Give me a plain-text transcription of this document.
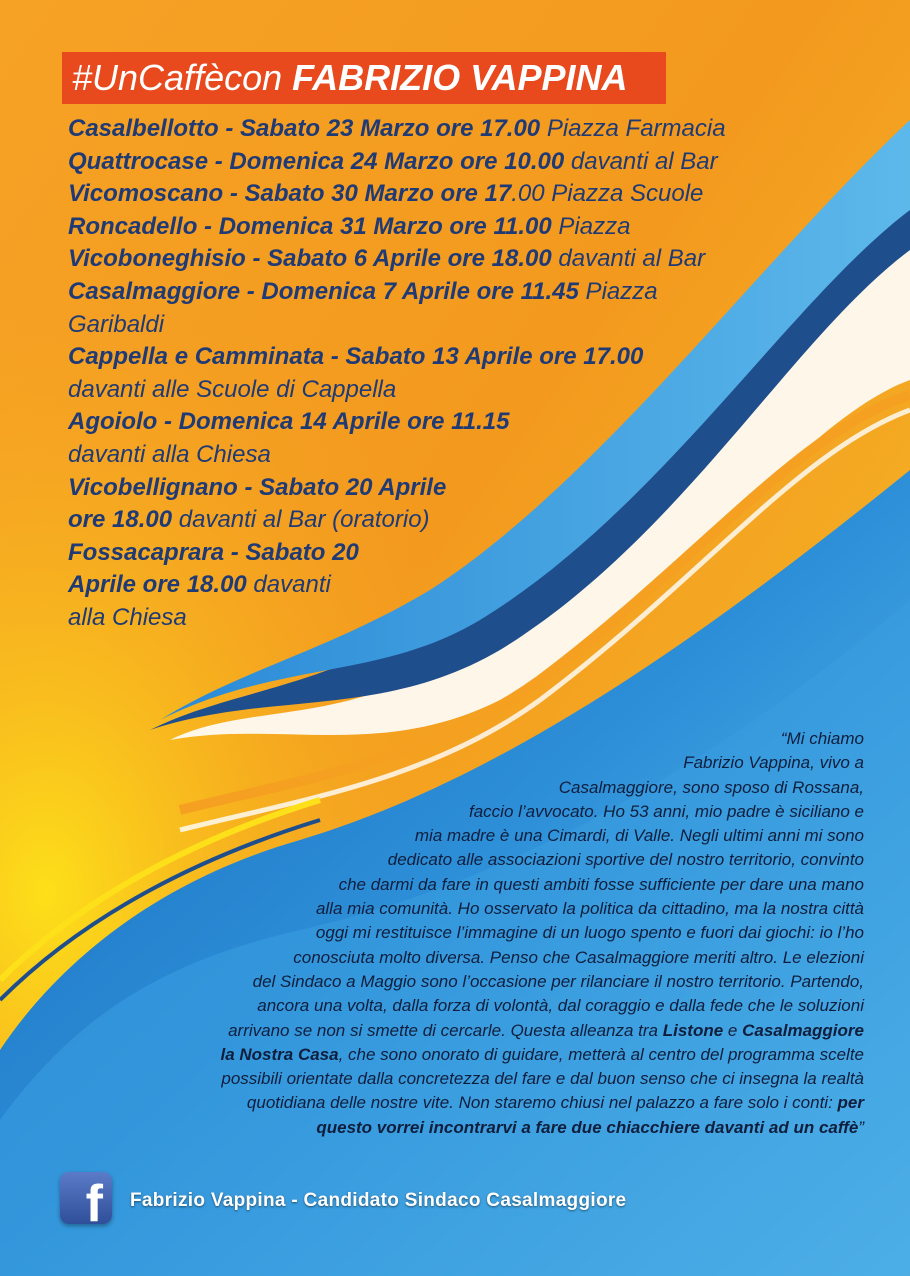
#UnCaffècon FABRIZIO VAPPINA
Casalbellotto - Sabato 23 Marzo ore 17.00 Piazza Farmacia
Quattrocase - Domenica 24 Marzo ore 10.00 davanti al Bar
Vicomoscano - Sabato 30 Marzo ore 17.00 Piazza Scuole
Roncadello - Domenica 31 Marzo ore 11.00 Piazza
Vicoboneghisio - Sabato 6 Aprile ore 18.00 davanti al Bar
Casalmaggiore - Domenica 7 Aprile ore 11.45 Piazza
Garibaldi
Cappella e Camminata - Sabato 13 Aprile ore 17.00
davanti alle Scuole di Cappella
Agoiolo - Domenica 14 Aprile ore 11.15
davanti alla Chiesa
Vicobellignano - Sabato 20 Aprile
ore 18.00 davanti al Bar (oratorio)
Fossacaprara - Sabato 20
Aprile ore 18.00 davanti
alla Chiesa
“Mi chiamo
Fabrizio Vappina, vivo a
Casalmaggiore, sono sposo di Rossana,
faccio l’avvocato. Ho 53 anni, mio padre è siciliano e
mia madre è una Cimardi, di Valle. Negli ultimi anni mi sono
dedicato alle associazioni sportive del nostro territorio, convinto
che darmi da fare in questi ambiti fosse sufficiente per dare una mano
alla mia comunità. Ho osservato la politica da cittadino, ma la nostra città
oggi mi restituisce l’immagine di un luogo spento e fuori dai giochi: io l’ho
conosciuta molto diversa. Penso che Casalmaggiore meriti altro. Le elezioni
del Sindaco a Maggio sono l’occasione per rilanciare il nostro territorio. Partendo,
ancora una volta, dalla forza di volontà, dal coraggio e dalla fede che le soluzioni
arrivano se non si smette di cercarle. Questa alleanza tra Listone e Casalmaggiore
la Nostra Casa, che sono onorato di guidare, metterà al centro del programma scelte
possibili orientate dalla concretezza del fare e dal buon senso che ci insegna la realtà
quotidiana delle nostre vite. Non staremo chiusi nel palazzo a fare solo i conti: per
questo vorrei incontrarvi a fare due chiacchiere davanti ad un caffè”
f Fabrizio Vappina - Candidato Sindaco Casalmaggiore
